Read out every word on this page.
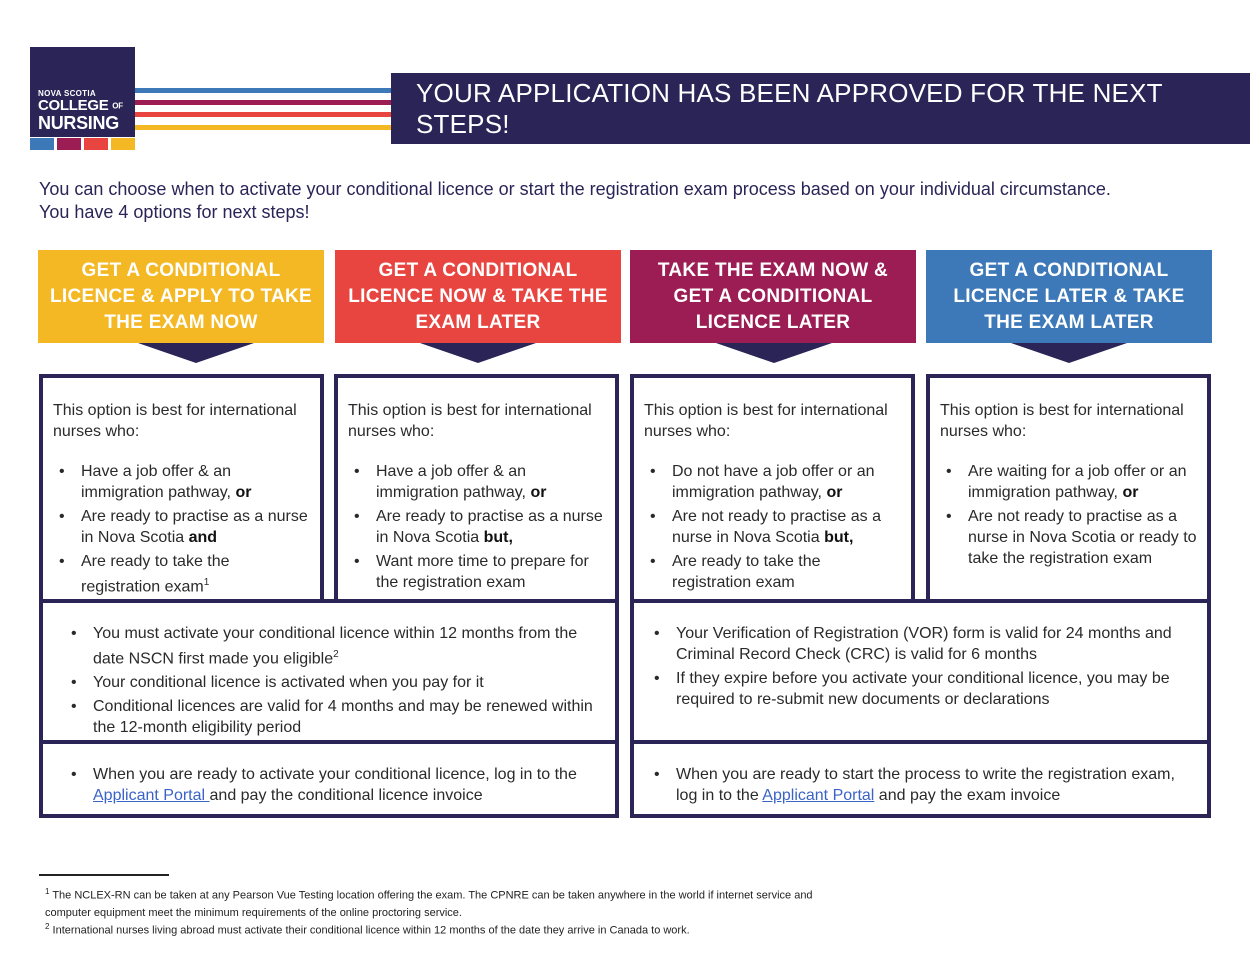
NOVA SCOTIA
COLLEGE OF
NURSING
YOUR APPLICATION HAS BEEN APPROVED FOR THE NEXT STEPS!
You can choose when to activate your conditional licence or start the registration exam process based on your individual circumstance.
You have 4 options for next steps!
GET A CONDITIONAL LICENCE & APPLY TO TAKE THE EXAM NOW
GET A CONDITIONAL LICENCE NOW & TAKE THE EXAM LATER
TAKE THE EXAM NOW & GET A CONDITIONAL LICENCE LATER
GET A CONDITIONAL LICENCE LATER & TAKE THE EXAM LATER
This option is best for international nurses who:
• Have a job offer & an immigration pathway, or
• Are ready to practise as a nurse in Nova Scotia and
• Are ready to take the registration exam$^1$
This option is best for international nurses who:
• Have a job offer & an immigration pathway, or
• Are ready to practise as a nurse in Nova Scotia but,
• Want more time to prepare for the registration exam
This option is best for international nurses who:
• Do not have a job offer or an immigration pathway, or
• Are not ready to practise as a nurse in Nova Scotia but,
• Are ready to take the registration exam
This option is best for international nurses who:
• Are waiting for a job offer or an immigration pathway, or
• Are not ready to practise as a nurse in Nova Scotia or ready to take the registration exam
• You must activate your conditional licence within 12 months from the date NSCN first made you eligible$^2$
• Your conditional licence is activated when you pay for it
• Conditional licences are valid for 4 months and may be renewed within the 12-month eligibility period
• Your Verification of Registration (VOR) form is valid for 24 months and Criminal Record Check (CRC) is valid for 6 months
• If they expire before you activate your conditional licence, you may be required to re-submit new documents or declarations
• When you are ready to activate your conditional licence, log in to the Applicant Portal and pay the conditional licence invoice
• When you are ready to start the process to write the registration exam, log in to the Applicant Portal and pay the exam invoice
$^1$ The NCLEX-RN can be taken at any Pearson Vue Testing location offering the exam. The CPNRE can be taken anywhere in the world if internet service and computer equipment meet the minimum requirements of the online proctoring service.
$^2$ International nurses living abroad must activate their conditional licence within 12 months of the date they arrive in Canada to work.
